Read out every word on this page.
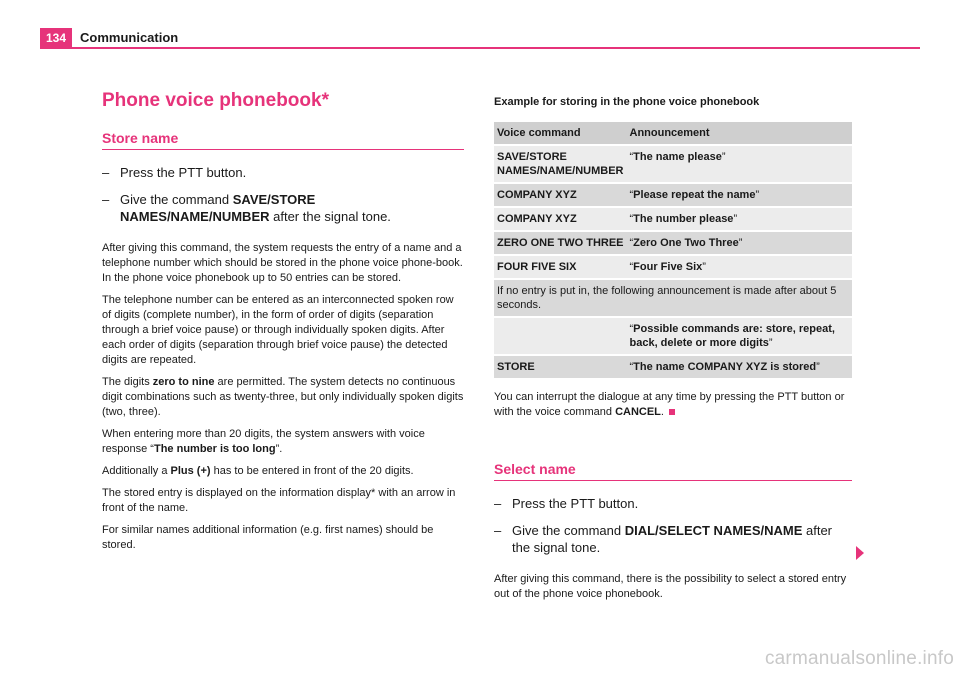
134	Communication
Phone voice phonebook*
Store name
– Press the PTT button.
– Give the command SAVE/STORE NAMES/NAME/NUMBER after the signal tone.

After giving this command, the system requests the entry of a name and a telephone number which should be stored in the phone voice phone-book. In the phone voice phonebook up to 50 entries can be stored.

The telephone number can be entered as an interconnected spoken row of digits (complete number), in the form of order of digits (separation through a brief voice pause) or through individually spoken digits. After each order of digits (separation through brief voice pause) the detected digits are repeated.

The digits zero to nine are permitted. The system detects no continuous digit combinations such as twenty-three, but only individually spoken digits (two, three).

When entering more than 20 digits, the system answers with voice response “The number is too long”.

Additionally a Plus (+) has to be entered in front of the 20 digits.

The stored entry is displayed on the information display* with an arrow in front of the name.

For similar names additional information (e.g. first names) should be stored.

Example for storing in the phone voice phonebook
Voice command	Announcement
SAVE/STORE NAMES/NAME/NUMBER	“The name please”
COMPANY XYZ	“Please repeat the name”
COMPANY XYZ	“The number please”
ZERO ONE TWO THREE	“Zero One Two Three”
FOUR FIVE SIX	“Four Five Six”
If no entry is put in, the following announcement is made after about 5 seconds.	
	“Possible commands are: store, repeat, back, delete or more digits”
STORE	“The name COMPANY XYZ is stored”

You can interrupt the dialogue at any time by pressing the PTT button or with the voice command CANCEL.

Select name
– Press the PTT button.
– Give the command DIAL/SELECT NAMES/NAME after the signal tone.

After giving this command, there is the possibility to select a stored entry out of the phone voice phonebook.

carmanualsonline.info
